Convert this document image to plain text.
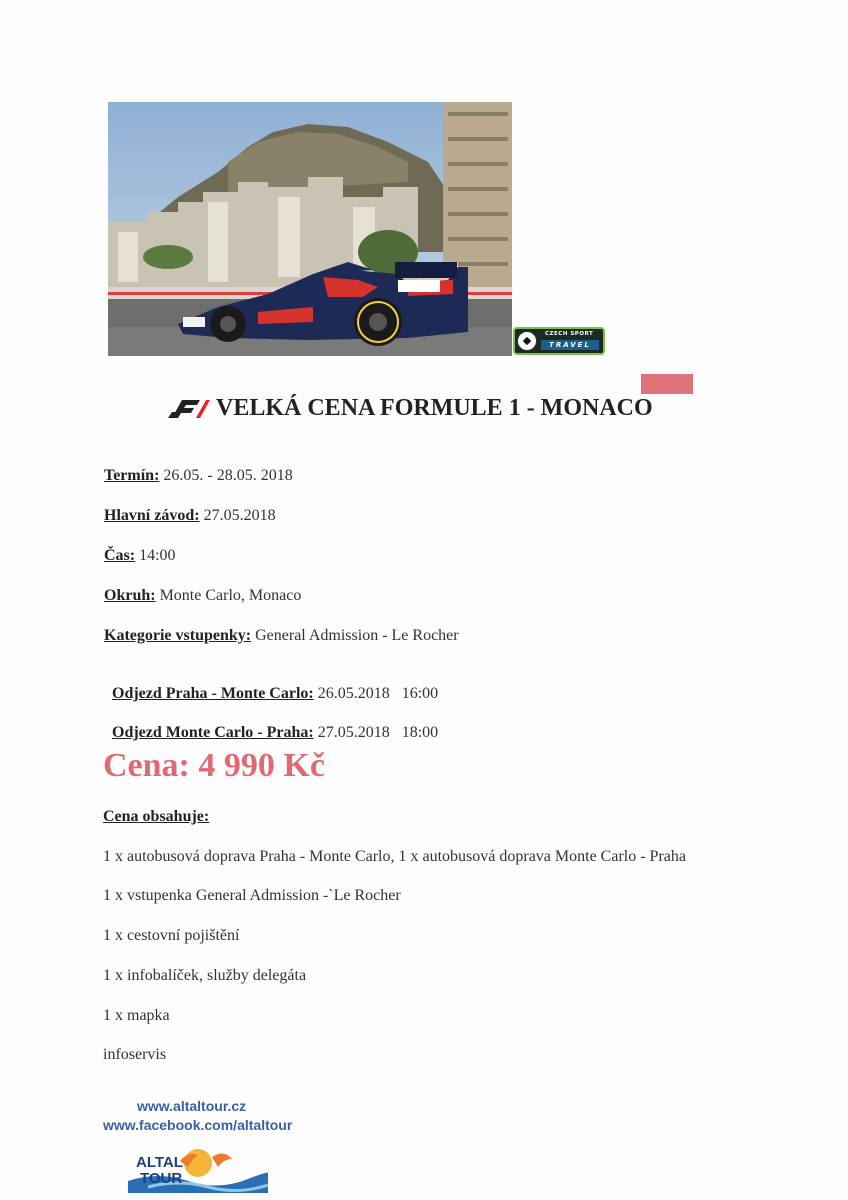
CZECH SPORT
TRAVEL
VELKÁ CENA FORMULE 1 - MONACO
Termín: 26.05. - 28.05. 2018
Hlavní závod: 27.05.2018
Čas: 14:00
Okruh: Monte Carlo, Monaco
Kategorie vstupenky: General Admission - Le Rocher

Odjezd Praha - Monte Carlo: 26.05.2018   16:00

Odjezd Monte Carlo - Praha: 27.05.2018   18:00

Cena: 4 990 Kč
Cena obsahuje:
1 x autobusová doprava Praha - Monte Carlo, 1 x autobusová doprava Monte Carlo - Praha
1 x vstupenka General Admission -`Le Rocher
1 x cestovní pojištění
1 x infobalíček, služby delegáta
1 x mapka
infoservis
www.altaltour.cz
www.facebook.com/altaltour
ALTAL
TOUR
